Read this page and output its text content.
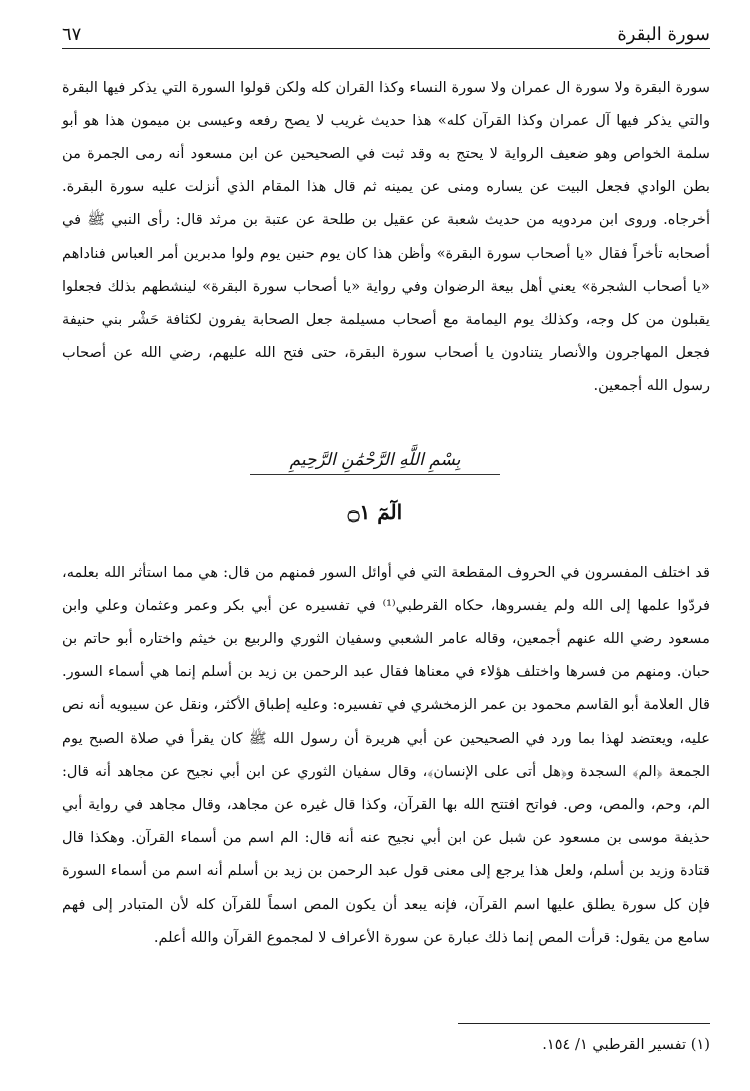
سورة البقرة
٦٧

سورة البقرة ولا سورة ال عمران ولا سورة النساء وكذا القران كله ولكن قولوا السورة التي يذكر فيها البقرة والتي يذكر فيها آل عمران وكذا القرآن كله» هذا حديث غريب لا يصح رفعه وعيسى بن ميمون هذا هو أبو سلمة الخواص وهو ضعيف الرواية لا يحتج به وقد ثبت في الصحيحين عن ابن مسعود أنه رمى الجمرة من بطن الوادي فجعل البيت عن يساره ومنى عن يمينه ثم قال هذا المقام الذي أنزلت عليه سورة البقرة. أخرجاه. وروى ابن مردويه من حديث شعبة عن عقيل بن طلحة عن عتبة بن مرثد قال: رأى النبي ﷺ في أصحابه تأخراً فقال «يا أصحاب سورة البقرة» وأظن هذا كان يوم حنين يوم ولوا مدبرين أمر العباس فناداهم «يا أصحاب الشجرة» يعني أهل بيعة الرضوان وفي رواية «يا أصحاب سورة البقرة» لينشطهم بذلك فجعلوا يقبلون من كل وجه، وكذلك يوم اليمامة مع أصحاب مسيلمة جعل الصحابة يفرون لكثافة حَشْر بني حنيفة فجعل المهاجرون والأنصار يتنادون يا أصحاب سورة البقرة، حتى فتح الله عليهم، رضي الله عن أصحاب رسول الله أجمعين.

بِسْمِ اللَّهِ الرَّحْمَٰنِ الرَّحِيمِ
الٓمٓ ۝١

قد اختلف المفسرون في الحروف المقطعة التي في أوائل السور فمنهم من قال: هي مما استأثر الله بعلمه، فردّوا علمها إلى الله ولم يفسروها، حكاه القرطبي⁽¹⁾ في تفسيره عن أبي بكر وعمر وعثمان وعلي وابن مسعود رضي الله عنهم أجمعين، وقاله عامر الشعبي وسفيان الثوري والربيع بن خيثم واختاره أبو حاتم بن حبان. ومنهم من فسرها واختلف هؤلاء في معناها فقال عبد الرحمن بن زيد بن أسلم إنما هي أسماء السور. قال العلامة أبو القاسم محمود بن عمر الزمخشري في تفسيره: وعليه إطباق الأكثر، ونقل عن سيبويه أنه نص عليه، ويعتضد لهذا بما ورد في الصحيحين عن أبي هريرة أن رسول الله ﷺ كان يقرأ في صلاة الصبح يوم الجمعة ﴿الم﴾ السجدة و﴿هل أتى على الإنسان﴾، وقال سفيان الثوري عن ابن أبي نجيح عن مجاهد أنه قال: الم، وحم، والمص، وص. فواتح افتتح الله بها القرآن، وكذا قال غيره عن مجاهد، وقال مجاهد في رواية أبي حذيفة موسى بن مسعود عن شبل عن ابن أبي نجيح عنه أنه قال: الم اسم من أسماء القرآن. وهكذا قال قتادة وزيد بن أسلم، ولعل هذا يرجع إلى معنى قول عبد الرحمن بن زيد بن أسلم أنه اسم من أسماء السورة فإن كل سورة يطلق عليها اسم القرآن، فإنه يبعد أن يكون المص اسماً للقرآن كله لأن المتبادر إلى فهم سامع من يقول: قرأت المص إنما ذلك عبارة عن سورة الأعراف لا لمجموع القرآن والله أعلم.

(١) تفسير القرطبي ١/ ١٥٤.
